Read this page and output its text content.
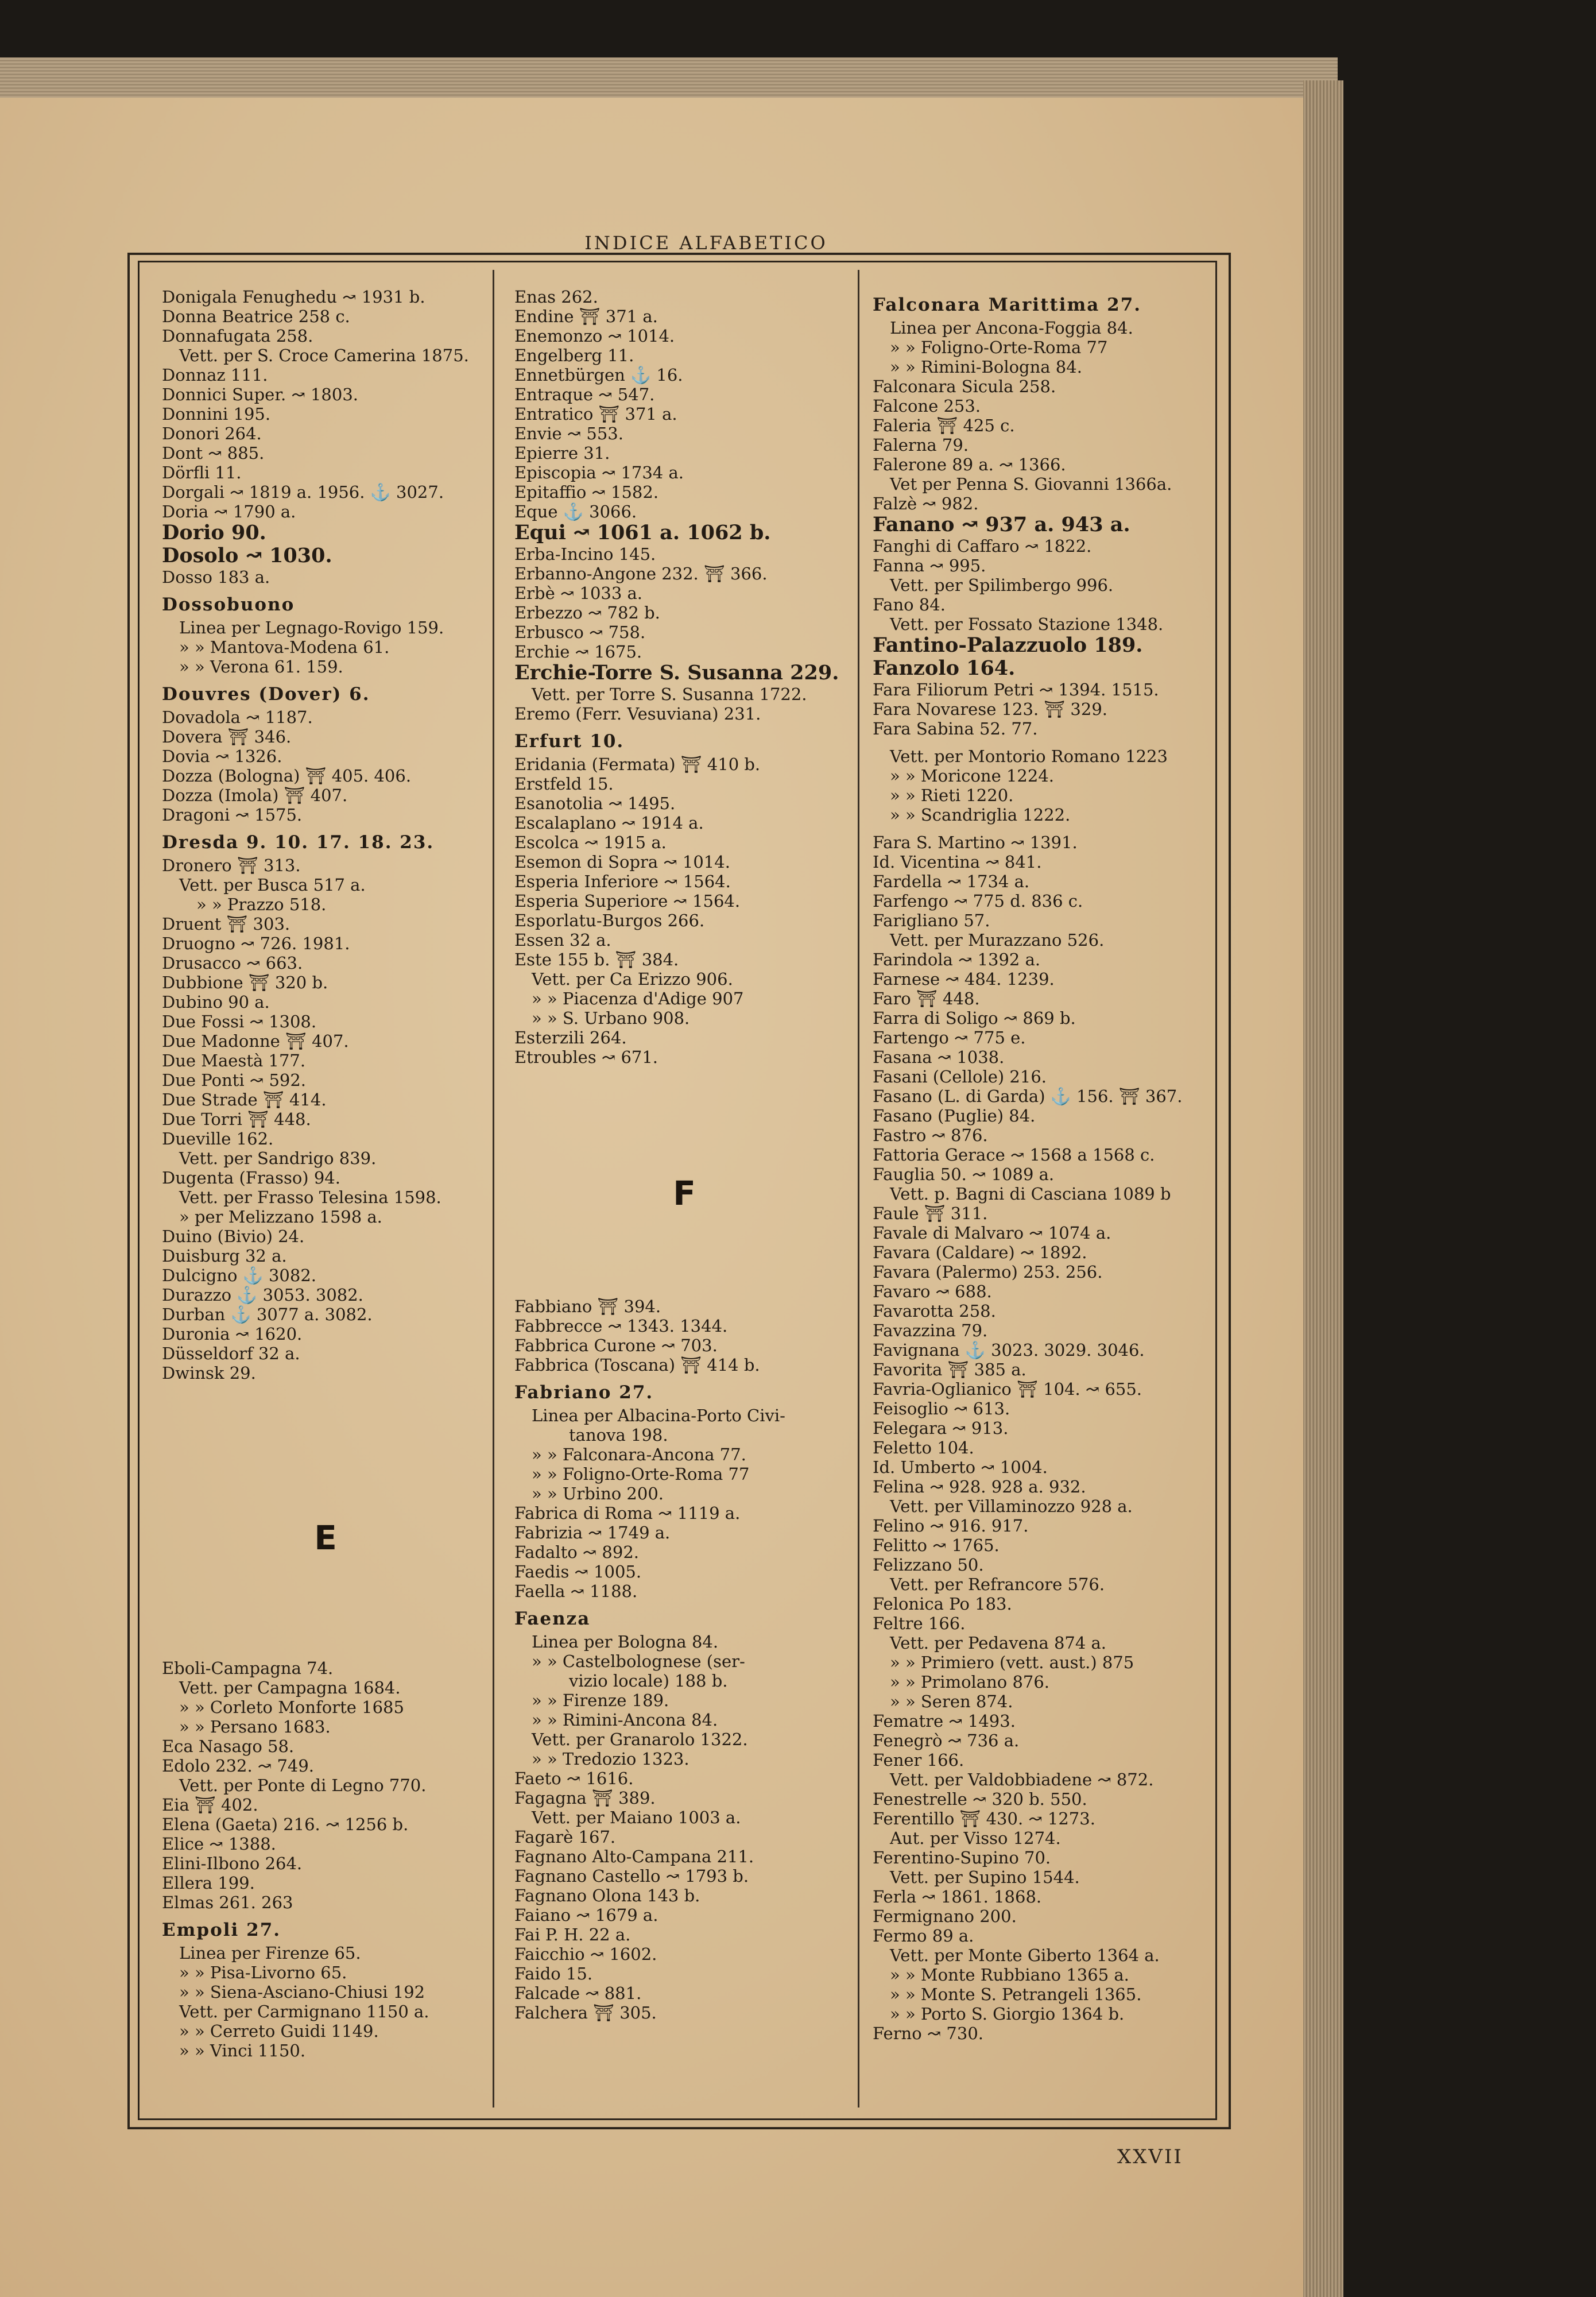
INDICE ALFABETICO
Donigala Fenughedu ↝ 1931 b.
Donna Beatrice 258 c.
Donnafugata 258.
Vett. per S. Croce Camerina 1875.
Donnaz 111.
Donnici Super. ↝ 1803.
Donnini 195.
Donori 264.
Dont ↝ 885.
Dörfli 11.
Dorgali ↝ 1819 a. 1956. ⚓ 3027.
Doria ↝ 1790 a.
Dorio 90.
Dosolo ↝ 1030.
Dosso 183 a.
Dossobuono
Linea per Legnago-Rovigo 159.
» » Mantova-Modena 61.
» » Verona 61. 159.
Douvres (Dover) 6.
Dovadola ↝ 1187.
Dovera ⛩ 346.
Dovia ↝ 1326.
Dozza (Bologna) ⛩ 405. 406.
Dozza (Imola) ⛩ 407.
Dragoni ↝ 1575.
Dresda 9. 10. 17. 18. 23.
Dronero ⛩ 313.
Vett. per Busca 517 a.
» » Prazzo 518.
Druent ⛩ 303.
Druogno ↝ 726. 1981.
Drusacco ↝ 663.
Dubbione ⛩ 320 b.
Dubino 90 a.
Due Fossi ↝ 1308.
Due Madonne ⛩ 407.
Due Maestà 177.
Due Ponti ↝ 592.
Due Strade ⛩ 414.
Due Torri ⛩ 448.
Dueville 162.
Vett. per Sandrigo 839.
Dugenta (Frasso) 94.
Vett. per Frasso Telesina 1598.
» per Melizzano 1598 a.
Duino (Bivio) 24.
Duisburg 32 a.
Dulcigno ⚓ 3082.
Durazzo ⚓ 3053. 3082.
Durban ⚓ 3077 a. 3082.
Duronia ↝ 1620.
Düsseldorf 32 a.
Dwinsk 29.
E
Eboli-Campagna 74.
Vett. per Campagna 1684.
» » Corleto Monforte 1685
» » Persano 1683.
Eca Nasago 58.
Edolo 232. ↝ 749.
Vett. per Ponte di Legno 770.
Eia ⛩ 402.
Elena (Gaeta) 216. ↝ 1256 b.
Elice ↝ 1388.
Elini-Ilbono 264.
Ellera 199.
Elmas 261. 263
Empoli 27.
Linea per Firenze 65.
» » Pisa-Livorno 65.
» » Siena-Asciano-Chiusi 192
Vett. per Carmignano 1150 a.
» » Cerreto Guidi 1149.
» » Vinci 1150.
Enas 262.
Endine ⛩ 371 a.
Enemonzo ↝ 1014.
Engelberg 11.
Ennetbürgen ⚓ 16.
Entraque ↝ 547.
Entratico ⛩ 371 a.
Envie ↝ 553.
Epierre 31.
Episcopia ↝ 1734 a.
Epitaffio ↝ 1582.
Eque ⚓ 3066.
Equi ↝ 1061 a. 1062 b.
Erba-Incino 145.
Erbanno-Angone 232. ⛩ 366.
Erbè ↝ 1033 a.
Erbezzo ↝ 782 b.
Erbusco ↝ 758.
Erchie ↝ 1675.
Erchie-Torre S. Susanna 229.
Vett. per Torre S. Susanna 1722.
Eremo (Ferr. Vesuviana) 231.
Erfurt 10.
Eridania (Fermata) ⛩ 410 b.
Erstfeld 15.
Esanotolia ↝ 1495.
Escalaplano ↝ 1914 a.
Escolca ↝ 1915 a.
Esemon di Sopra ↝ 1014.
Esperia Inferiore ↝ 1564.
Esperia Superiore ↝ 1564.
Esporlatu-Burgos 266.
Essen 32 a.
Este 155 b. ⛩ 384.
Vett. per Ca Erizzo 906.
» » Piacenza d'Adige 907
» » S. Urbano 908.
Esterzili 264.
Etroubles ↝ 671.
F
Fabbiano ⛩ 394.
Fabbrecce ↝ 1343. 1344.
Fabbrica Curone ↝ 703.
Fabbrica (Toscana) ⛩ 414 b.
Fabriano 27.
Linea per Albacina-Porto Civi-
tanova 198.
» » Falconara-Ancona 77.
» » Foligno-Orte-Roma 77
» » Urbino 200.
Fabrica di Roma ↝ 1119 a.
Fabrizia ↝ 1749 a.
Fadalto ↝ 892.
Faedis ↝ 1005.
Faella ↝ 1188.
Faenza
Linea per Bologna 84.
» » Castelbolognese (ser-
vizio locale) 188 b.
» » Firenze 189.
» » Rimini-Ancona 84.
Vett. per Granarolo 1322.
» » Tredozio 1323.
Faeto ↝ 1616.
Fagagna ⛩ 389.
Vett. per Maiano 1003 a.
Fagarè 167.
Fagnano Alto-Campana 211.
Fagnano Castello ↝ 1793 b.
Fagnano Olona 143 b.
Faiano ↝ 1679 a.
Fai P. H. 22 a.
Faicchio ↝ 1602.
Faido 15.
Falcade ↝ 881.
Falchera ⛩ 305.
Falconara Marittima 27.
Linea per Ancona-Foggia 84.
» » Foligno-Orte-Roma 77
» » Rimini-Bologna 84.
Falconara Sicula 258.
Falcone 253.
Faleria ⛩ 425 c.
Falerna 79.
Falerone 89 a. ↝ 1366.
Vet per Penna S. Giovanni 1366a.
Falzè ↝ 982.
Fanano ↝ 937 a. 943 a.
Fanghi di Caffaro ↝ 1822.
Fanna ↝ 995.
Vett. per Spilimbergo 996.
Fano 84.
Vett. per Fossato Stazione 1348.
Fantino-Palazzuolo 189.
Fanzolo 164.
Fara Filiorum Petri ↝ 1394. 1515.
Fara Novarese 123. ⛩ 329.
Fara Sabina 52. 77.
Vett. per Montorio Romano 1223
» » Moricone 1224.
» » Rieti 1220.
» » Scandriglia 1222.
Fara S. Martino ↝ 1391.
Id. Vicentina ↝ 841.
Fardella ↝ 1734 a.
Farfengo ↝ 775 d. 836 c.
Farigliano 57.
Vett. per Murazzano 526.
Farindola ↝ 1392 a.
Farnese ↝ 484. 1239.
Faro ⛩ 448.
Farra di Soligo ↝ 869 b.
Fartengo ↝ 775 e.
Fasana ↝ 1038.
Fasani (Cellole) 216.
Fasano (L. di Garda) ⚓ 156. ⛩ 367.
Fasano (Puglie) 84.
Fastro ↝ 876.
Fattoria Gerace ↝ 1568 a 1568 c.
Fauglia 50. ↝ 1089 a.
Vett. p. Bagni di Casciana 1089 b
Faule ⛩ 311.
Favale di Malvaro ↝ 1074 a.
Favara (Caldare) ↝ 1892.
Favara (Palermo) 253. 256.
Favaro ↝ 688.
Favarotta 258.
Favazzina 79.
Favignana ⚓ 3023. 3029. 3046.
Favorita ⛩ 385 a.
Favria-Oglianico ⛩ 104. ↝ 655.
Feisoglio ↝ 613.
Felegara ↝ 913.
Feletto 104.
Id. Umberto ↝ 1004.
Felina ↝ 928. 928 a. 932.
Vett. per Villaminozzo 928 a.
Felino ↝ 916. 917.
Felitto ↝ 1765.
Felizzano 50.
Vett. per Refrancore 576.
Felonica Po 183.
Feltre 166.
Vett. per Pedavena 874 a.
» » Primiero (vett. aust.) 875
» » Primolano 876.
» » Seren 874.
Fematre ↝ 1493.
Fenegrò ↝ 736 a.
Fener 166.
Vett. per Valdobbiadene ↝ 872.
Fenestrelle ↝ 320 b. 550.
Ferentillo ⛩ 430. ↝ 1273.
Aut. per Visso 1274.
Ferentino-Supino 70.
Vett. per Supino 1544.
Ferla ↝ 1861. 1868.
Fermignano 200.
Fermo 89 a.
Vett. per Monte Giberto 1364 a.
» » Monte Rubbiano 1365 a.
» » Monte S. Petrangeli 1365.
» » Porto S. Giorgio 1364 b.
Ferno ↝ 730.
XXVII
